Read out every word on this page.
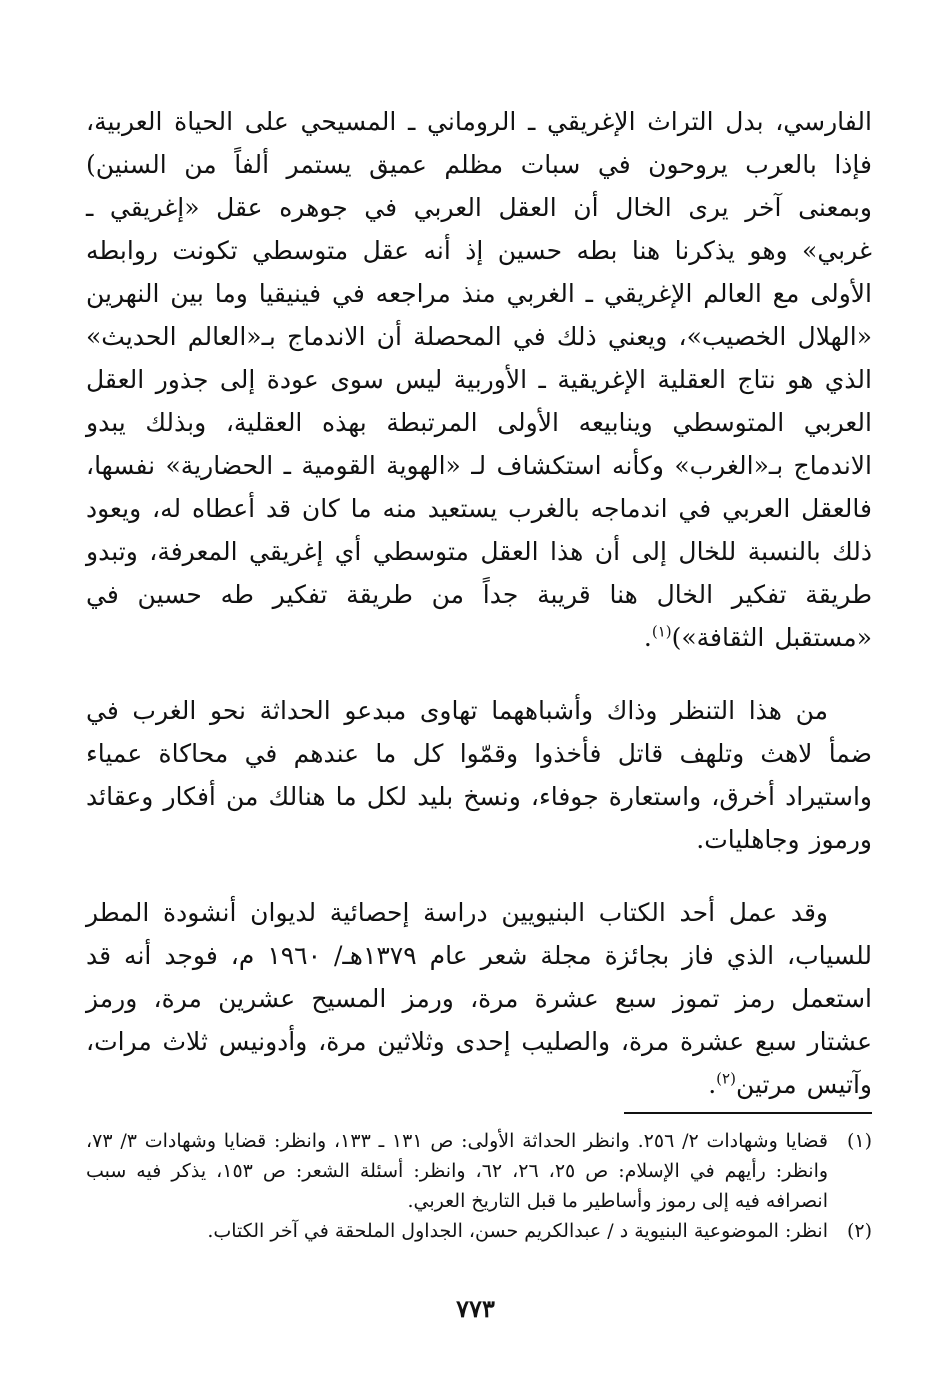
الفارسي، بدل التراث الإغريقي ـ الروماني ـ المسيحي على الحياة العربية، فإذا بالعرب يروحون في سبات مظلم عميق يستمر ألفاً من السنين) وبمعنى آخر يرى الخال أن العقل العربي في جوهره عقل «إغريقي ـ غربي» وهو يذكرنا هنا بطه حسين إذ أنه عقل متوسطي تكونت روابطه الأولى مع العالم الإغريقي ـ الغربي منذ مراجعه في فينيقيا وما بين النهرين «الهلال الخصيب»، ويعني ذلك في المحصلة أن الاندماج بـ«العالم الحديث» الذي هو نتاج العقلية الإغريقية ـ الأوربية ليس سوى عودة إلى جذور العقل العربي المتوسطي وينابيعه الأولى المرتبطة بهذه العقلية، وبذلك يبدو الاندماج بـ«الغرب» وكأنه استكشاف لـ «الهوية القومية ـ الحضارية» نفسها، فالعقل العربي في اندماجه بالغرب يستعيد منه ما كان قد أعطاه له، ويعود ذلك بالنسبة للخال إلى أن هذا العقل متوسطي أي إغريقي المعرفة، وتبدو طريقة تفكير الخال هنا قريبة جداً من طريقة تفكير طه حسين في «مستقبل الثقافة»)$^{(١)}$.

من هذا التنظر وذاك وأشباههما تهاوى مبدعو الحداثة نحو الغرب في ضمأ لاهث وتلهف قاتل فأخذوا وقمّوا كل ما عندهم في محاكاة عمياء واستيراد أخرق، واستعارة جوفاء، ونسخ بليد لكل ما هنالك من أفكار وعقائد ورموز وجاهليات.

وقد عمل أحد الكتاب البنيويين دراسة إحصائية لديوان أنشودة المطر للسياب، الذي فاز بجائزة مجلة شعر عام ١٣٧٩هـ/ ١٩٦٠ م، فوجد أنه قد استعمل رمز تموز سبع عشرة مرة، ورمز المسيح عشرين مرة، ورمز عشتار سبع عشرة مرة، والصليب إحدى وثلاثين مرة، وأدونيس ثلاث مرات، وآتيس مرتين$^{(٢)}$.

(١)
قضايا وشهادات ٢/ ٢٥٦. وانظر الحداثة الأولى: ص ١٣١ ـ ١٣٣، وانظر: قضايا وشهادات ٣/ ٧٣، وانظر: رأيهم في الإسلام: ص ٢٥، ٢٦، ٦٢، وانظر: أسئلة الشعر: ص ١٥٣، يذكر فيه سبب انصرافه فيه إلى رموز وأساطير ما قبل التاريخ العربي.
(٢)
انظر: الموضوعية البنيوية د / عبدالكريم حسن، الجداول الملحقة في آخر الكتاب.
٧٧٣
